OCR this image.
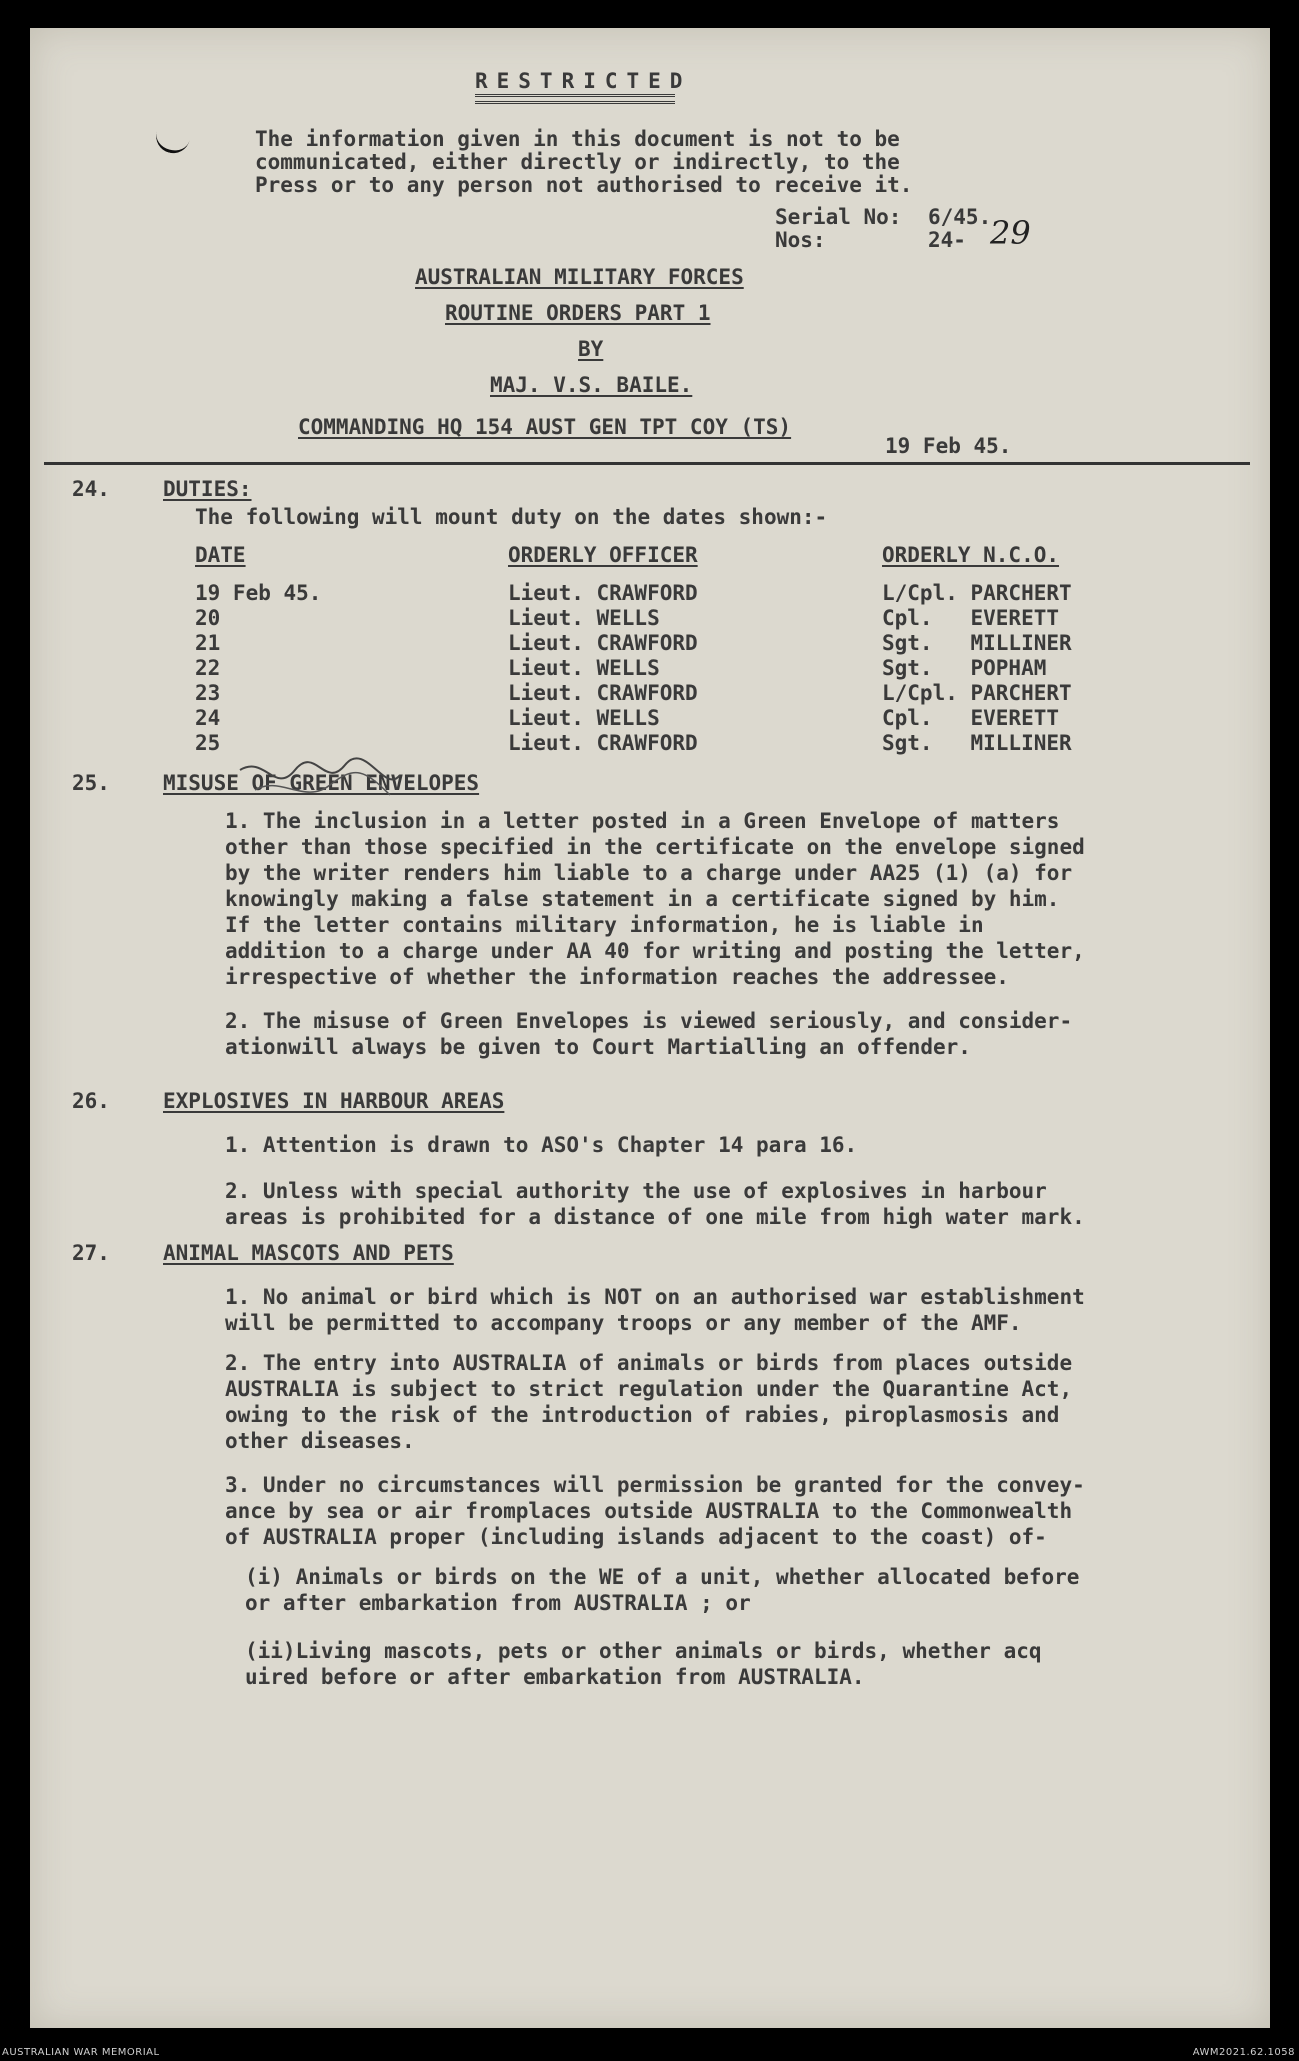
RESTRICTED
The information given in this document is not to be
communicated, either directly or indirectly, to the
Press or to any person not authorised to receive it.
Serial No: 6/45.
Nos:	24- 29
AUSTRALIAN MILITARY FORCES
ROUTINE ORDERS PART 1
BY
MAJ. V.S. BAILE.
COMMANDING HQ 154 AUST GEN TPT COY (TS)
19 Feb 45.
24.	DUTIES:
The following will mount duty on the dates shown:-
DATE	ORDERLY OFFICER	ORDERLY N.C.O.
19 Feb 45.	Lieut. CRAWFORD	L/Cpl. PARCHERT
20	Lieut. WELLS	Cpl.   EVERETT
21	Lieut. CRAWFORD	Sgt.   MILLINER
22	Lieut. WELLS	Sgt.   POPHAM
23	Lieut. CRAWFORD	L/Cpl. PARCHERT
24	Lieut. WELLS	Cpl.   EVERETT
25	Lieut. CRAWFORD	Sgt.   MILLINER
25.	MISUSE OF GREEN ENVELOPES
1. The inclusion in a letter posted in a Green Envelope of matters
other than those specified in the certificate on the envelope signed
by the writer renders him liable to a charge under AA25 (1) (a) for
knowingly making a false statement in a certificate signed by him.
If the letter contains military information, he is liable in
addition to a charge under AA 40 for writing and posting the letter,
irrespective of whether the information reaches the addressee.
2. The misuse of Green Envelopes is viewed seriously, and consider-
ationwill always be given to Court Martialling an offender.
26.	EXPLOSIVES IN HARBOUR AREAS
1. Attention is drawn to ASO's Chapter 14 para 16.
2. Unless with special authority the use of explosives in harbour
areas is prohibited for a distance of one mile from high water mark.
27.	ANIMAL MASCOTS AND PETS
1. No animal or bird which is NOT on an authorised war establishment
will be permitted to accompany troops or any member of the AMF.
2. The entry into AUSTRALIA of animals or birds from places outside
AUSTRALIA is subject to strict regulation under the Quarantine Act,
owing to the risk of the introduction of rabies, piroplasmosis and
other diseases.
3. Under no circumstances will permission be granted for the convey-
ance by sea or air fromplaces outside AUSTRALIA to the Commonwealth
of AUSTRALIA proper (including islands adjacent to the coast) of-
(i) Animals or birds on the WE of a unit, whether allocated before
or after embarkation from AUSTRALIA ; or
(ii)Living mascots, pets or other animals or birds, whether acq
uired before or after embarkation from AUSTRALIA.
AUSTRALIAN WAR MEMORIAL	AWM2021.62.1058
